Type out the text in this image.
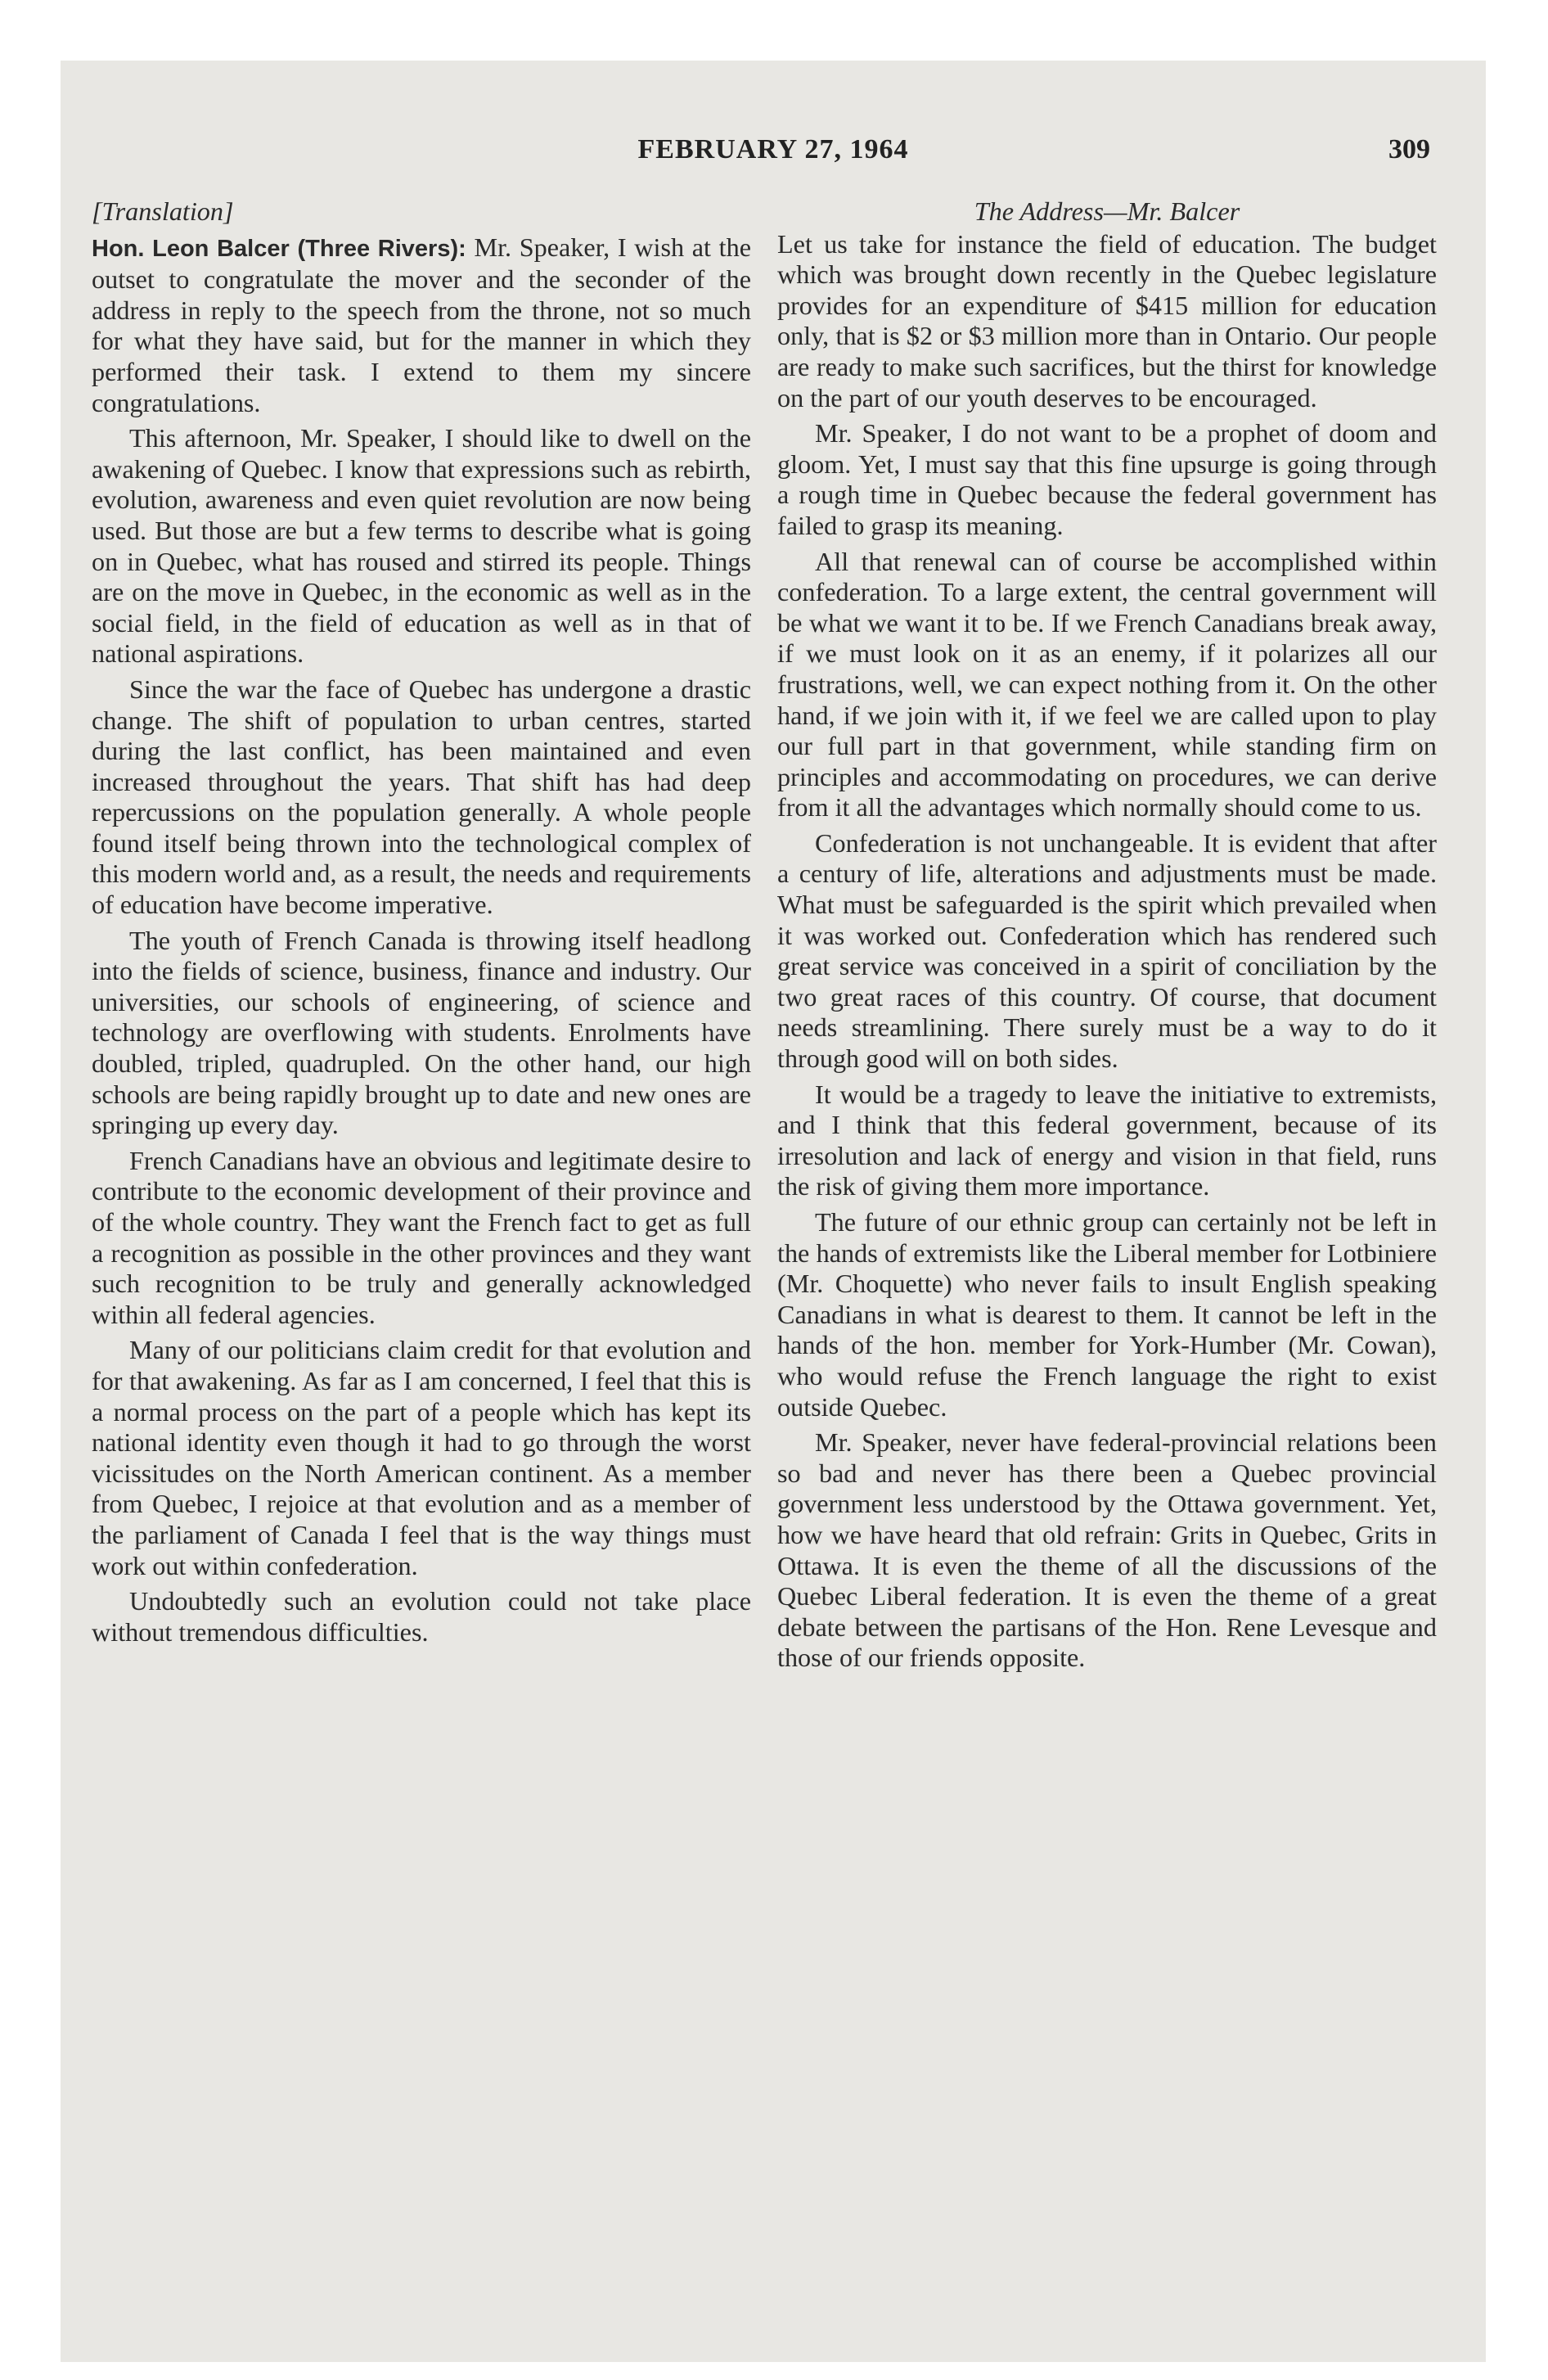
FEBRUARY 27, 1964	309

[Translation]

Hon. Leon Balcer (Three Rivers): Mr. Speaker, I wish at the outset to congratulate the mover and the seconder of the address in reply to the speech from the throne, not so much for what they have said, but for the manner in which they performed their task. I extend to them my sincere congratulations.

This afternoon, Mr. Speaker, I should like to dwell on the awakening of Quebec. I know that expressions such as rebirth, evolution, awareness and even quiet revolution are now being used. But those are but a few terms to describe what is going on in Quebec, what has roused and stirred its people. Things are on the move in Quebec, in the economic as well as in the social field, in the field of education as well as in that of national aspirations.

Since the war the face of Quebec has undergone a drastic change. The shift of population to urban centres, started during the last conflict, has been maintained and even increased throughout the years. That shift has had deep repercussions on the population generally. A whole people found itself being thrown into the technological complex of this modern world and, as a result, the needs and requirements of education have become imperative.

The youth of French Canada is throwing itself headlong into the fields of science, business, finance and industry. Our universities, our schools of engineering, of science and technology are overflowing with students. Enrolments have doubled, tripled, quadrupled. On the other hand, our high schools are being rapidly brought up to date and new ones are springing up every day.

French Canadians have an obvious and legitimate desire to contribute to the economic development of their province and of the whole country. They want the French fact to get as full a recognition as possible in the other provinces and they want such recognition to be truly and generally acknowledged within all federal agencies.

Many of our politicians claim credit for that evolution and for that awakening. As far as I am concerned, I feel that this is a normal process on the part of a people which has kept its national identity even though it had to go through the worst vicissitudes on the North American continent. As a member from Quebec, I rejoice at that evolution and as a member of the parliament of Canada I feel that is the way things must work out within confederation.

Undoubtedly such an evolution could not take place without tremendous difficulties.

The Address—Mr. Balcer

Let us take for instance the field of education. The budget which was brought down recently in the Quebec legislature provides for an expenditure of $415 million for education only, that is $2 or $3 million more than in Ontario. Our people are ready to make such sacrifices, but the thirst for knowledge on the part of our youth deserves to be encouraged.

Mr. Speaker, I do not want to be a prophet of doom and gloom. Yet, I must say that this fine upsurge is going through a rough time in Quebec because the federal government has failed to grasp its meaning.

All that renewal can of course be accomplished within confederation. To a large extent, the central government will be what we want it to be. If we French Canadians break away, if we must look on it as an enemy, if it polarizes all our frustrations, well, we can expect nothing from it. On the other hand, if we join with it, if we feel we are called upon to play our full part in that government, while standing firm on principles and accommodating on procedures, we can derive from it all the advantages which normally should come to us.

Confederation is not unchangeable. It is evident that after a century of life, alterations and adjustments must be made. What must be safeguarded is the spirit which prevailed when it was worked out. Confederation which has rendered such great service was conceived in a spirit of conciliation by the two great races of this country. Of course, that document needs streamlining. There surely must be a way to do it through good will on both sides.

It would be a tragedy to leave the initiative to extremists, and I think that this federal government, because of its irresolution and lack of energy and vision in that field, runs the risk of giving them more importance.

The future of our ethnic group can certainly not be left in the hands of extremists like the Liberal member for Lotbiniere (Mr. Choquette) who never fails to insult English speaking Canadians in what is dearest to them. It cannot be left in the hands of the hon. member for York-Humber (Mr. Cowan), who would refuse the French language the right to exist outside Quebec.

Mr. Speaker, never have federal-provincial relations been so bad and never has there been a Quebec provincial government less understood by the Ottawa government. Yet, how we have heard that old refrain: Grits in Quebec, Grits in Ottawa. It is even the theme of all the discussions of the Quebec Liberal federation. It is even the theme of a great debate between the partisans of the Hon. Rene Levesque and those of our friends opposite.
